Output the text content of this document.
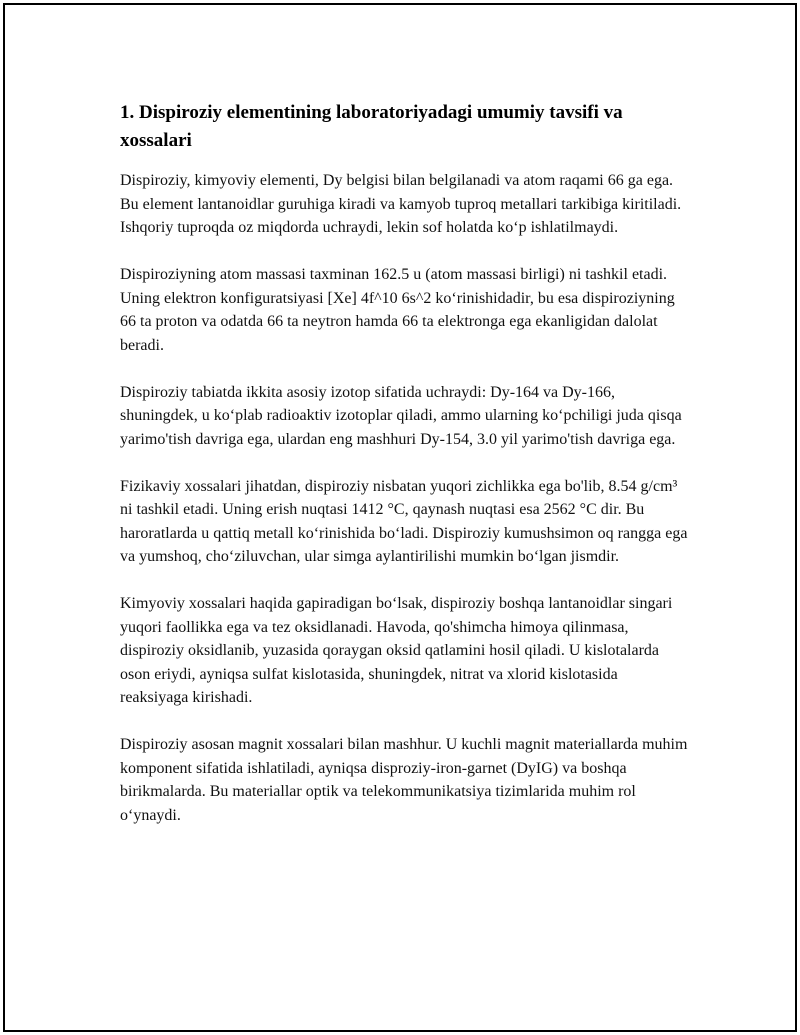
1. Dispiroziy elementining laboratoriyadagi umumiy tavsifi va xossalari

Dispiroziy, kimyoviy elementi, Dy belgisi bilan belgilanadi va atom raqami 66 ga ega. Bu element lantanoidlar guruhiga kiradi va kamyob tuproq metallari tarkibiga kiritiladi. Ishqoriy tuproqda oz miqdorda uchraydi, lekin sof holatda koʻp ishlatilmaydi.

Dispiroziyning atom massasi taxminan 162.5 u (atom massasi birligi) ni tashkil etadi. Uning elektron konfiguratsiyasi [Xe] 4f^10 6s^2 koʻrinishidadir, bu esa dispiroziyning 66 ta proton va odatda 66 ta neytron hamda 66 ta elektronga ega ekanligidan dalolat beradi.

Dispiroziy tabiatda ikkita asosiy izotop sifatida uchraydi: Dy-164 va Dy-166, shuningdek, u koʻplab radioaktiv izotoplar qiladi, ammo ularning koʻpchiligi juda qisqa yarimo'tish davriga ega, ulardan eng mashhuri Dy-154, 3.0 yil yarimo'tish davriga ega.

Fizikaviy xossalari jihatdan, dispiroziy nisbatan yuqori zichlikka ega bo'lib, 8.54 g/cm³ ni tashkil etadi. Uning erish nuqtasi 1412 °C, qaynash nuqtasi esa 2562 °C dir. Bu haroratlarda u qattiq metall koʻrinishida boʻladi. Dispiroziy kumushsimon oq rangga ega va yumshoq, choʻziluvchan, ular simga aylantirilishi mumkin boʻlgan jismdir.

Kimyoviy xossalari haqida gapiradigan boʻlsak, dispiroziy boshqa lantanoidlar singari yuqori faollikka ega va tez oksidlanadi. Havoda, qo'shimcha himoya qilinmasa, dispiroziy oksidlanib, yuzasida qoraygan oksid qatlamini hosil qiladi. U kislotalarda oson eriydi, ayniqsa sulfat kislotasida, shuningdek, nitrat va xlorid kislotasida reaksiyaga kirishadi.

Dispiroziy asosan magnit xossalari bilan mashhur. U kuchli magnit materiallarda muhim komponent sifatida ishlatiladi, ayniqsa disproziy-iron-garnet (DyIG) va boshqa birikmalarda. Bu materiallar optik va telekommunikatsiya tizimlarida muhim rol oʻynaydi.
